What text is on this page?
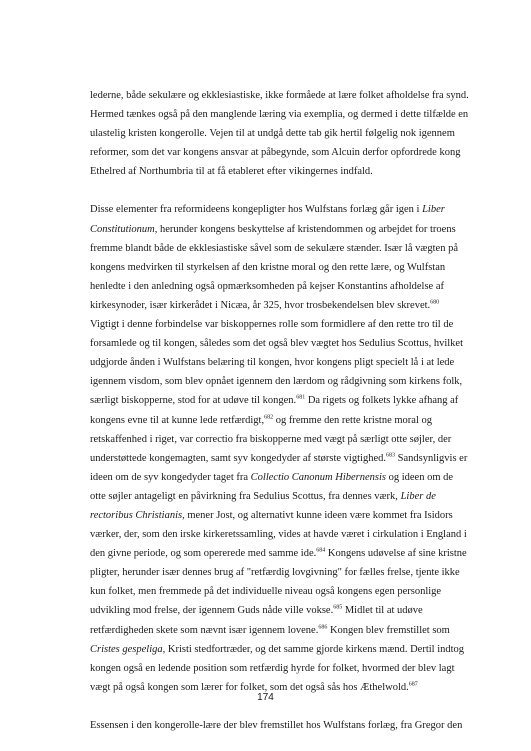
lederne, både sekulære og ekklesiastiske, ikke formåede at lære folket afholdelse fra synd. Hermed tænkes også på den manglende læring via exemplia, og dermed i dette tilfælde en ulastelig kristen kongerolle. Vejen til at undgå dette tab gik hertil følgelig nok igennem reformer, som det var kongens ansvar at påbegynde, som Alcuin derfor opfordrede kong Ethelred af Northumbria til at få etableret efter vikingernes indfald.

Disse elementer fra reformideens kongepligter hos Wulfstans forlæg går igen i Liber Constitutionum, herunder kongens beskyttelse af kristendommen og arbejdet for troens fremme blandt både de ekklesiastiske såvel som de sekulære stænder. Især lå vægten på kongens medvirken til styrkelsen af den kristne moral og den rette lære, og Wulfstan henledte i den anledning også opmærksomheden på kejser Konstantins afholdelse af kirkesynoder, især kirkerådet i Nicæa, år 325, hvor trosbekendelsen blev skrevet.$^{680}$ Vigtigt i denne forbindelse var biskoppernes rolle som formidlere af den rette tro til de forsamlede og til kongen, således som det også blev vægtet hos Sedulius Scottus, hvilket udgjorde ånden i Wulfstans belæring til kongen, hvor kongens pligt specielt lå i at lede igennem visdom, som blev opnået igennem den lærdom og rådgivning som kirkens folk, særligt biskopperne, stod for at udøve til kongen.$^{681}$ Da rigets og folkets lykke afhang af kongens evne til at kunne lede retfærdigt,$^{682}$ og fremme den rette kristne moral og retskaffenhed i riget, var correctio fra biskopperne med vægt på særligt otte søjler, der understøttede kongemagten, samt syv kongedyder af største vigtighed.$^{683}$ Sandsynligvis er ideen om de syv kongedyder taget fra Collectio Canonum Hibernensis og ideen om de otte søjler antageligt en påvirkning fra Sedulius Scottus, fra dennes værk, Liber de rectoribus Christianis, mener Jost, og alternativt kunne ideen være kommet fra Isidors værker, der, som den irske kirkeretssamling, vides at havde været i cirkulation i England i den givne periode, og som opererede med samme ide.$^{684}$ Kongens udøvelse af sine kristne pligter, herunder især dennes brug af "retfærdig lovgivning" for fælles frelse, tjente ikke kun folket, men fremmede på det individuelle niveau også kongens egen personlige udvikling mod frelse, der igennem Guds nåde ville vokse.$^{685}$ Midlet til at udøve retfærdigheden skete som nævnt især igennem lovene.$^{686}$ Kongen blev fremstillet som Cristes gespeliga, Kristi stedfortræder, og det samme gjorde kirkens mænd. Dertil indtog kongen også en ledende position som retfærdig hyrde for folket, hvormed der blev lagt vægt på også kongen som lærer for folket, som det også sås hos Æthelwold.$^{687}$

Essensen i den kongerolle-lære der blev fremstillet hos Wulfstans forlæg, fra Gregor den

174
